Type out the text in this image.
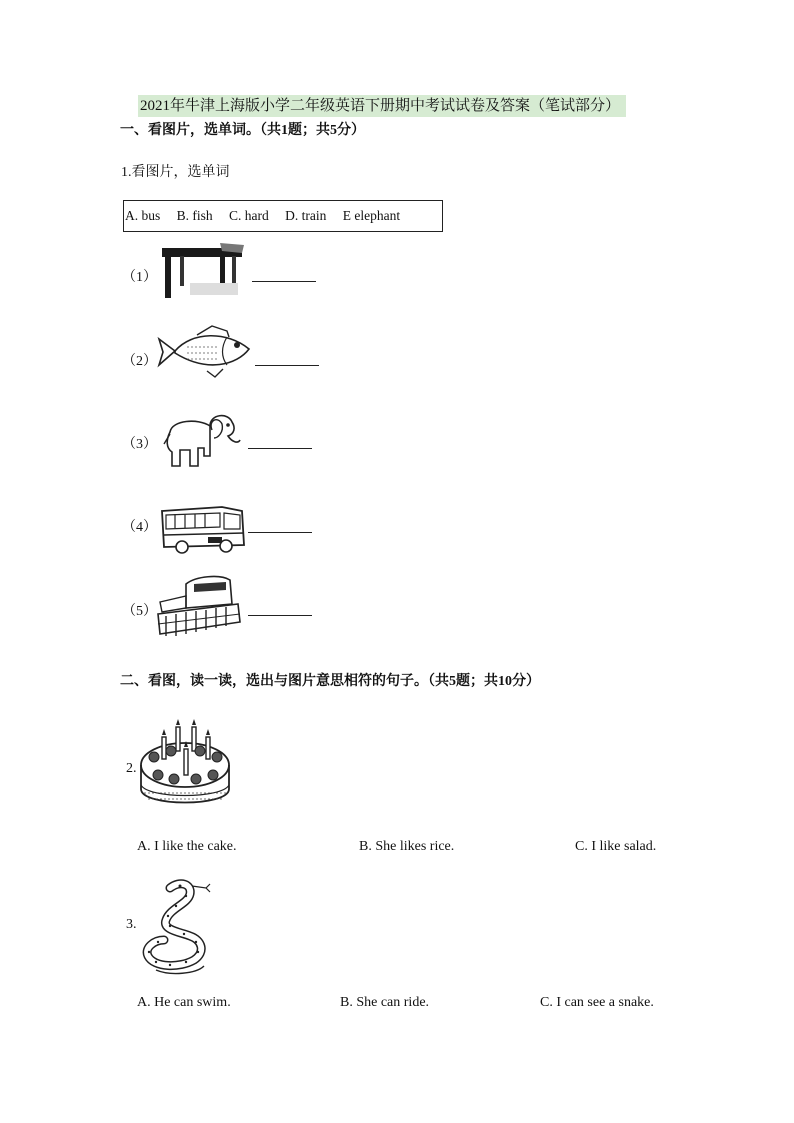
2021年牛津上海版小学二年级英语下册期中考试试卷及答案（笔试部分）
一、看图片，选单词。（共1题；共5分）
1.看图片，选单词
A. bus B. fish C. hard D. train E elephant
（1）
（2）
（3）
（4）
（5）
二、看图，读一读，选出与图片意思相符的句子。（共5题；共10分）
2.
A. I like the cake.	B. She likes rice.	C. I like salad.
3.
A. He can swim.	B. She can ride.	C. I can see a snake.
